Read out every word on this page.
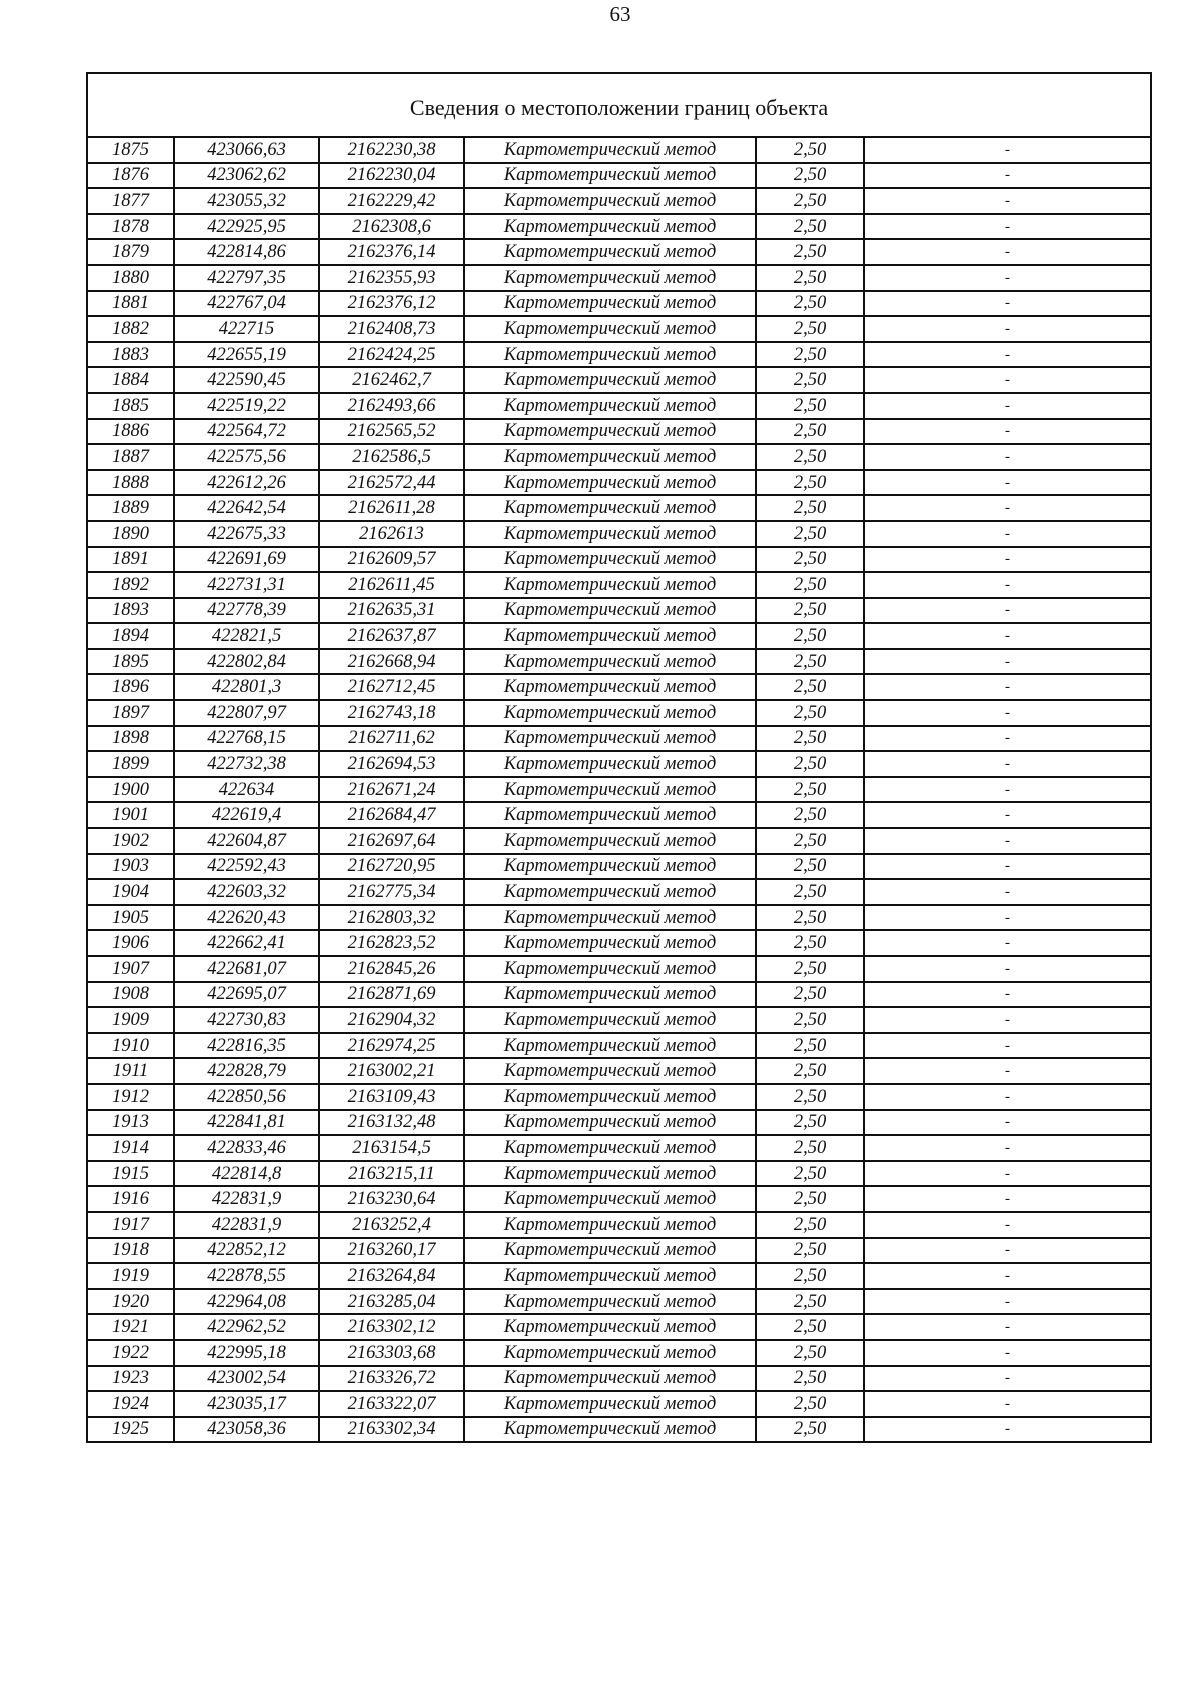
63
Сведения о местоположении границ объекта					
1875	423066,63	2162230,38	Картометрический метод	2,50	-
1876	423062,62	2162230,04	Картометрический метод	2,50	-
1877	423055,32	2162229,42	Картометрический метод	2,50	-
1878	422925,95	2162308,6	Картометрический метод	2,50	-
1879	422814,86	2162376,14	Картометрический метод	2,50	-
1880	422797,35	2162355,93	Картометрический метод	2,50	-
1881	422767,04	2162376,12	Картометрический метод	2,50	-
1882	422715	2162408,73	Картометрический метод	2,50	-
1883	422655,19	2162424,25	Картометрический метод	2,50	-
1884	422590,45	2162462,7	Картометрический метод	2,50	-
1885	422519,22	2162493,66	Картометрический метод	2,50	-
1886	422564,72	2162565,52	Картометрический метод	2,50	-
1887	422575,56	2162586,5	Картометрический метод	2,50	-
1888	422612,26	2162572,44	Картометрический метод	2,50	-
1889	422642,54	2162611,28	Картометрический метод	2,50	-
1890	422675,33	2162613	Картометрический метод	2,50	-
1891	422691,69	2162609,57	Картометрический метод	2,50	-
1892	422731,31	2162611,45	Картометрический метод	2,50	-
1893	422778,39	2162635,31	Картометрический метод	2,50	-
1894	422821,5	2162637,87	Картометрический метод	2,50	-
1895	422802,84	2162668,94	Картометрический метод	2,50	-
1896	422801,3	2162712,45	Картометрический метод	2,50	-
1897	422807,97	2162743,18	Картометрический метод	2,50	-
1898	422768,15	2162711,62	Картометрический метод	2,50	-
1899	422732,38	2162694,53	Картометрический метод	2,50	-
1900	422634	2162671,24	Картометрический метод	2,50	-
1901	422619,4	2162684,47	Картометрический метод	2,50	-
1902	422604,87	2162697,64	Картометрический метод	2,50	-
1903	422592,43	2162720,95	Картометрический метод	2,50	-
1904	422603,32	2162775,34	Картометрический метод	2,50	-
1905	422620,43	2162803,32	Картометрический метод	2,50	-
1906	422662,41	2162823,52	Картометрический метод	2,50	-
1907	422681,07	2162845,26	Картометрический метод	2,50	-
1908	422695,07	2162871,69	Картометрический метод	2,50	-
1909	422730,83	2162904,32	Картометрический метод	2,50	-
1910	422816,35	2162974,25	Картометрический метод	2,50	-
1911	422828,79	2163002,21	Картометрический метод	2,50	-
1912	422850,56	2163109,43	Картометрический метод	2,50	-
1913	422841,81	2163132,48	Картометрический метод	2,50	-
1914	422833,46	2163154,5	Картометрический метод	2,50	-
1915	422814,8	2163215,11	Картометрический метод	2,50	-
1916	422831,9	2163230,64	Картометрический метод	2,50	-
1917	422831,9	2163252,4	Картометрический метод	2,50	-
1918	422852,12	2163260,17	Картометрический метод	2,50	-
1919	422878,55	2163264,84	Картометрический метод	2,50	-
1920	422964,08	2163285,04	Картометрический метод	2,50	-
1921	422962,52	2163302,12	Картометрический метод	2,50	-
1922	422995,18	2163303,68	Картометрический метод	2,50	-
1923	423002,54	2163326,72	Картометрический метод	2,50	-
1924	423035,17	2163322,07	Картометрический метод	2,50	-
1925	423058,36	2163302,34	Картометрический метод	2,50	-
